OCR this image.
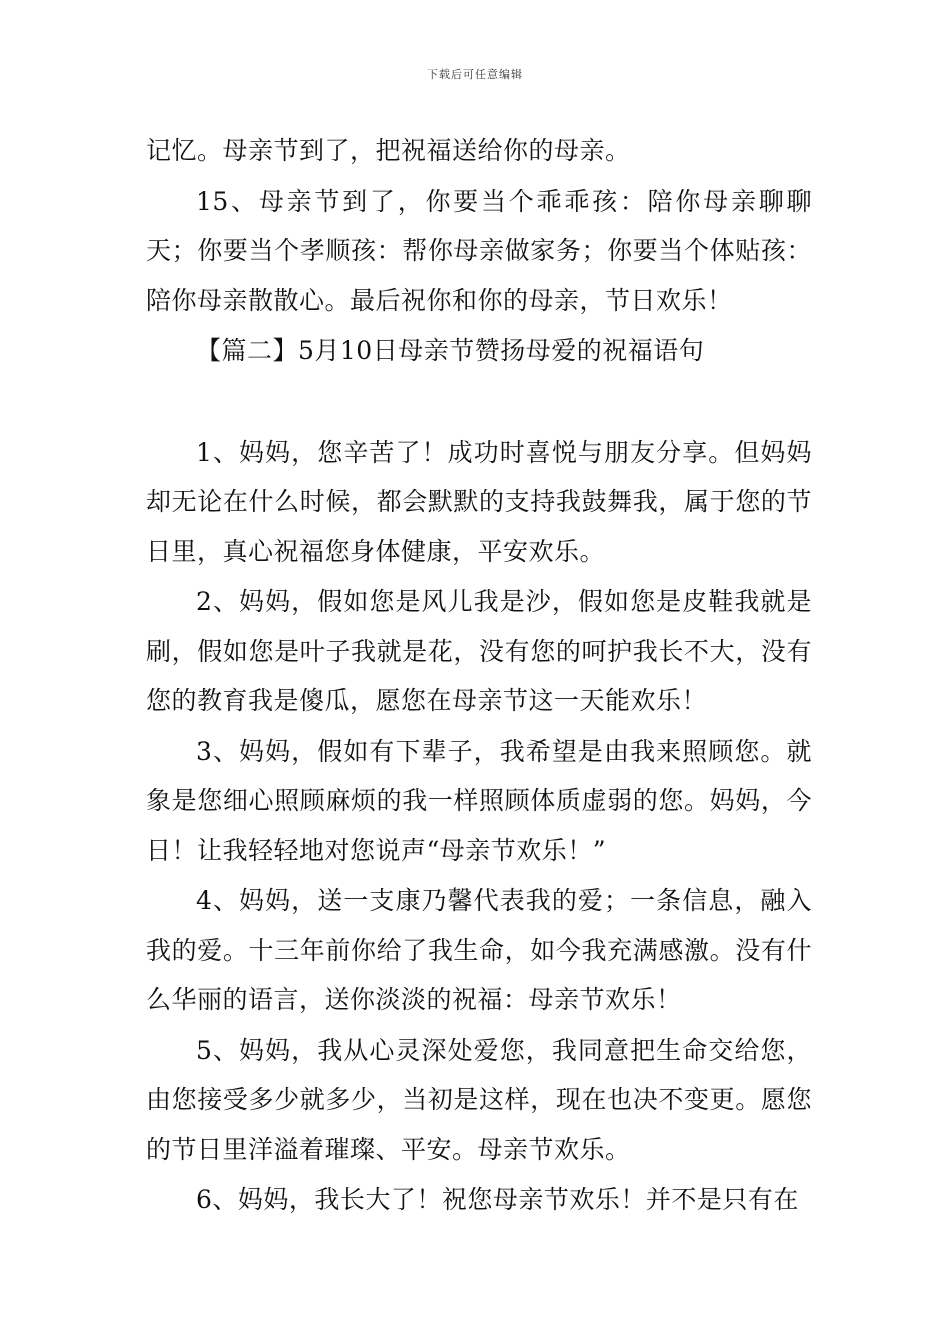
下载后可任意编辑

记忆。母亲节到了，把祝福送给你的母亲。

15、母亲节到了，你要当个乖乖孩：陪你母亲聊聊天；你要当个孝顺孩：帮你母亲做家务；你要当个体贴孩：陪你母亲散散心。最后祝你和你的母亲，节日欢乐！

【篇二】5月10日母亲节赞扬母爱的祝福语句

1、妈妈，您辛苦了！成功时喜悦与朋友分享。但妈妈却无论在什么时候，都会默默的支持我鼓舞我，属于您的节日里，真心祝福您身体健康，平安欢乐。

2、妈妈，假如您是风儿我是沙，假如您是皮鞋我就是刷，假如您是叶子我就是花，没有您的呵护我长不大，没有您的教育我是傻瓜，愿您在母亲节这一天能欢乐！

3、妈妈，假如有下辈子，我希望是由我来照顾您。就象是您细心照顾麻烦的我一样照顾体质虚弱的您。妈妈，今日！让我轻轻地对您说声“母亲节欢乐！”

4、妈妈，送一支康乃馨代表我的爱；一条信息，融入我的爱。十三年前你给了我生命，如今我充满感激。没有什么华丽的语言，送你淡淡的祝福：母亲节欢乐！

5、妈妈，我从心灵深处爱您，我同意把生命交给您，由您接受多少就多少，当初是这样，现在也决不变更。愿您的节日里洋溢着璀璨、平安。母亲节欢乐。

6、妈妈，我长大了！祝您母亲节欢乐！并不是只有在
